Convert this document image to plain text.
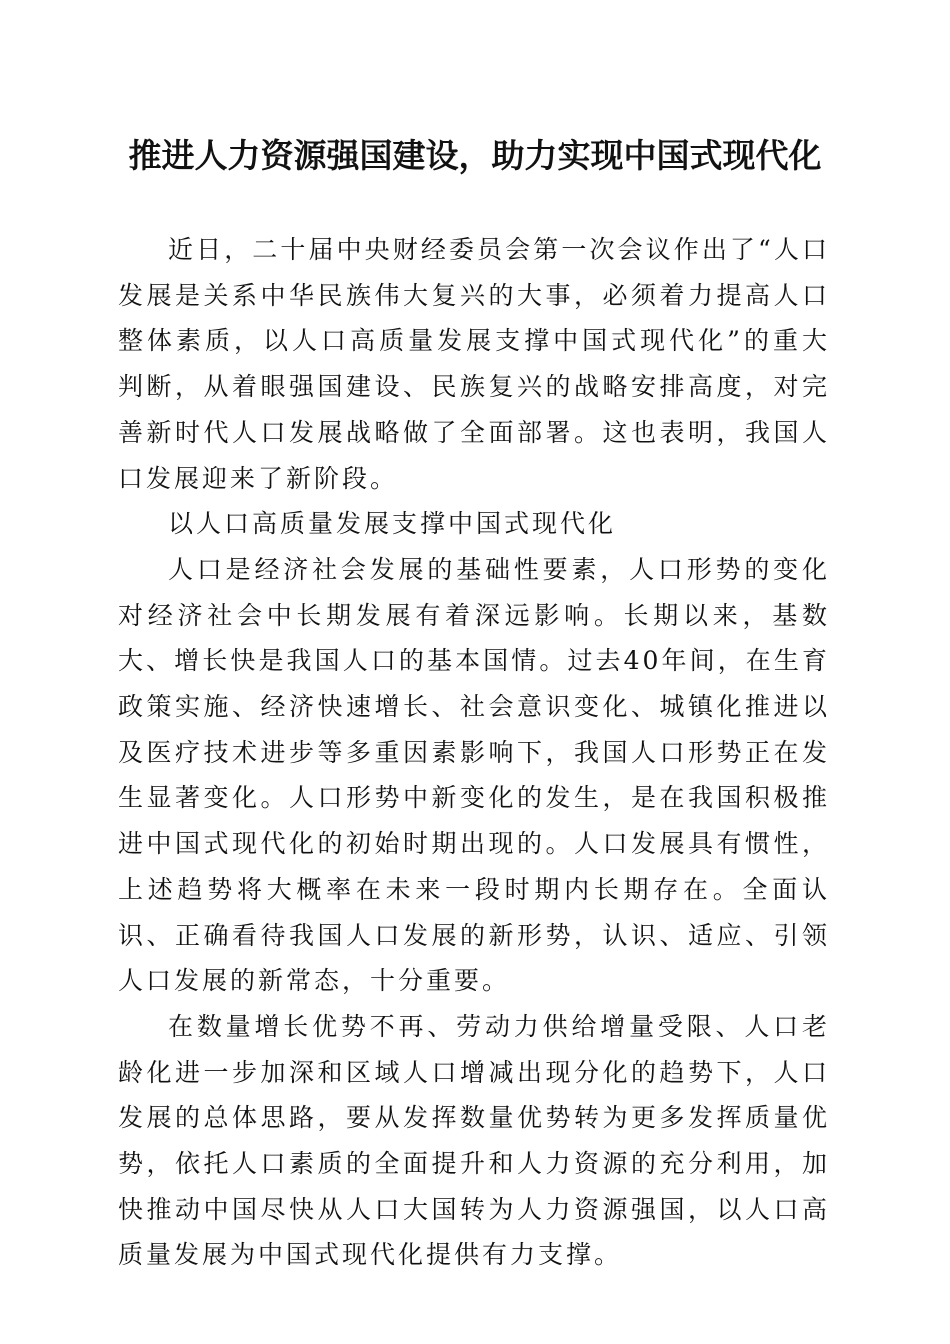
推进人力资源强国建设，助力实现中国式现代化

近日，二十届中央财经委员会第一次会议作出了“人口发展是关系中华民族伟大复兴的大事，必须着力提高人口整体素质，以人口高质量发展支撑中国式现代化”的重大判断，从着眼强国建设、民族复兴的战略安排高度，对完善新时代人口发展战略做了全面部署。这也表明，我国人口发展迎来了新阶段。

以人口高质量发展支撑中国式现代化

人口是经济社会发展的基础性要素，人口形势的变化对经济社会中长期发展有着深远影响。长期以来，基数大、增长快是我国人口的基本国情。过去40年间，在生育政策实施、经济快速增长、社会意识变化、城镇化推进以及医疗技术进步等多重因素影响下，我国人口形势正在发生显著变化。人口形势中新变化的发生，是在我国积极推进中国式现代化的初始时期出现的。人口发展具有惯性，上述趋势将大概率在未来一段时期内长期存在。全面认识、正确看待我国人口发展的新形势，认识、适应、引领人口发展的新常态，十分重要。

在数量增长优势不再、劳动力供给增量受限、人口老龄化进一步加深和区域人口增减出现分化的趋势下，人口发展的总体思路，要从发挥数量优势转为更多发挥质量优势，依托人口素质的全面提升和人力资源的充分利用，加快推动中国尽快从人口大国转为人力资源强国，以人口高质量发展为中国式现代化提供有力支撑。
